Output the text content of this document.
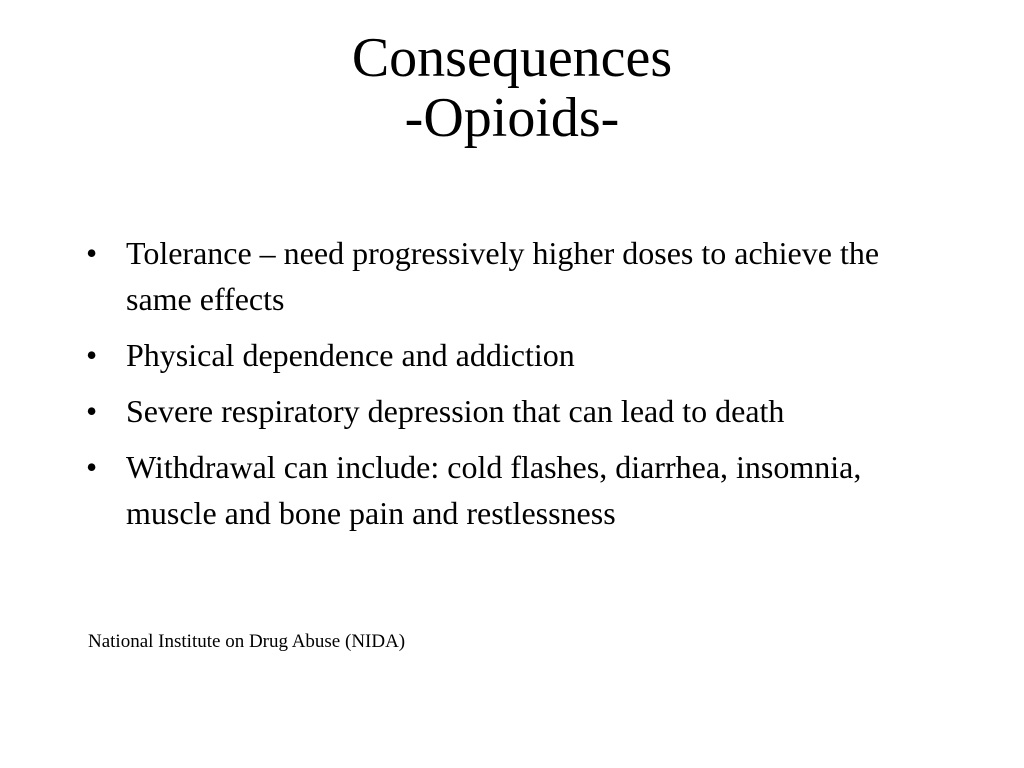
Consequences
-Opioids-
• Tolerance – need progressively higher doses to achieve the same effects
• Physical dependence and addiction
• Severe respiratory depression that can lead to death
• Withdrawal can include: cold flashes, diarrhea, insomnia, muscle and bone pain and restlessness

National Institute on Drug Abuse (NIDA)
